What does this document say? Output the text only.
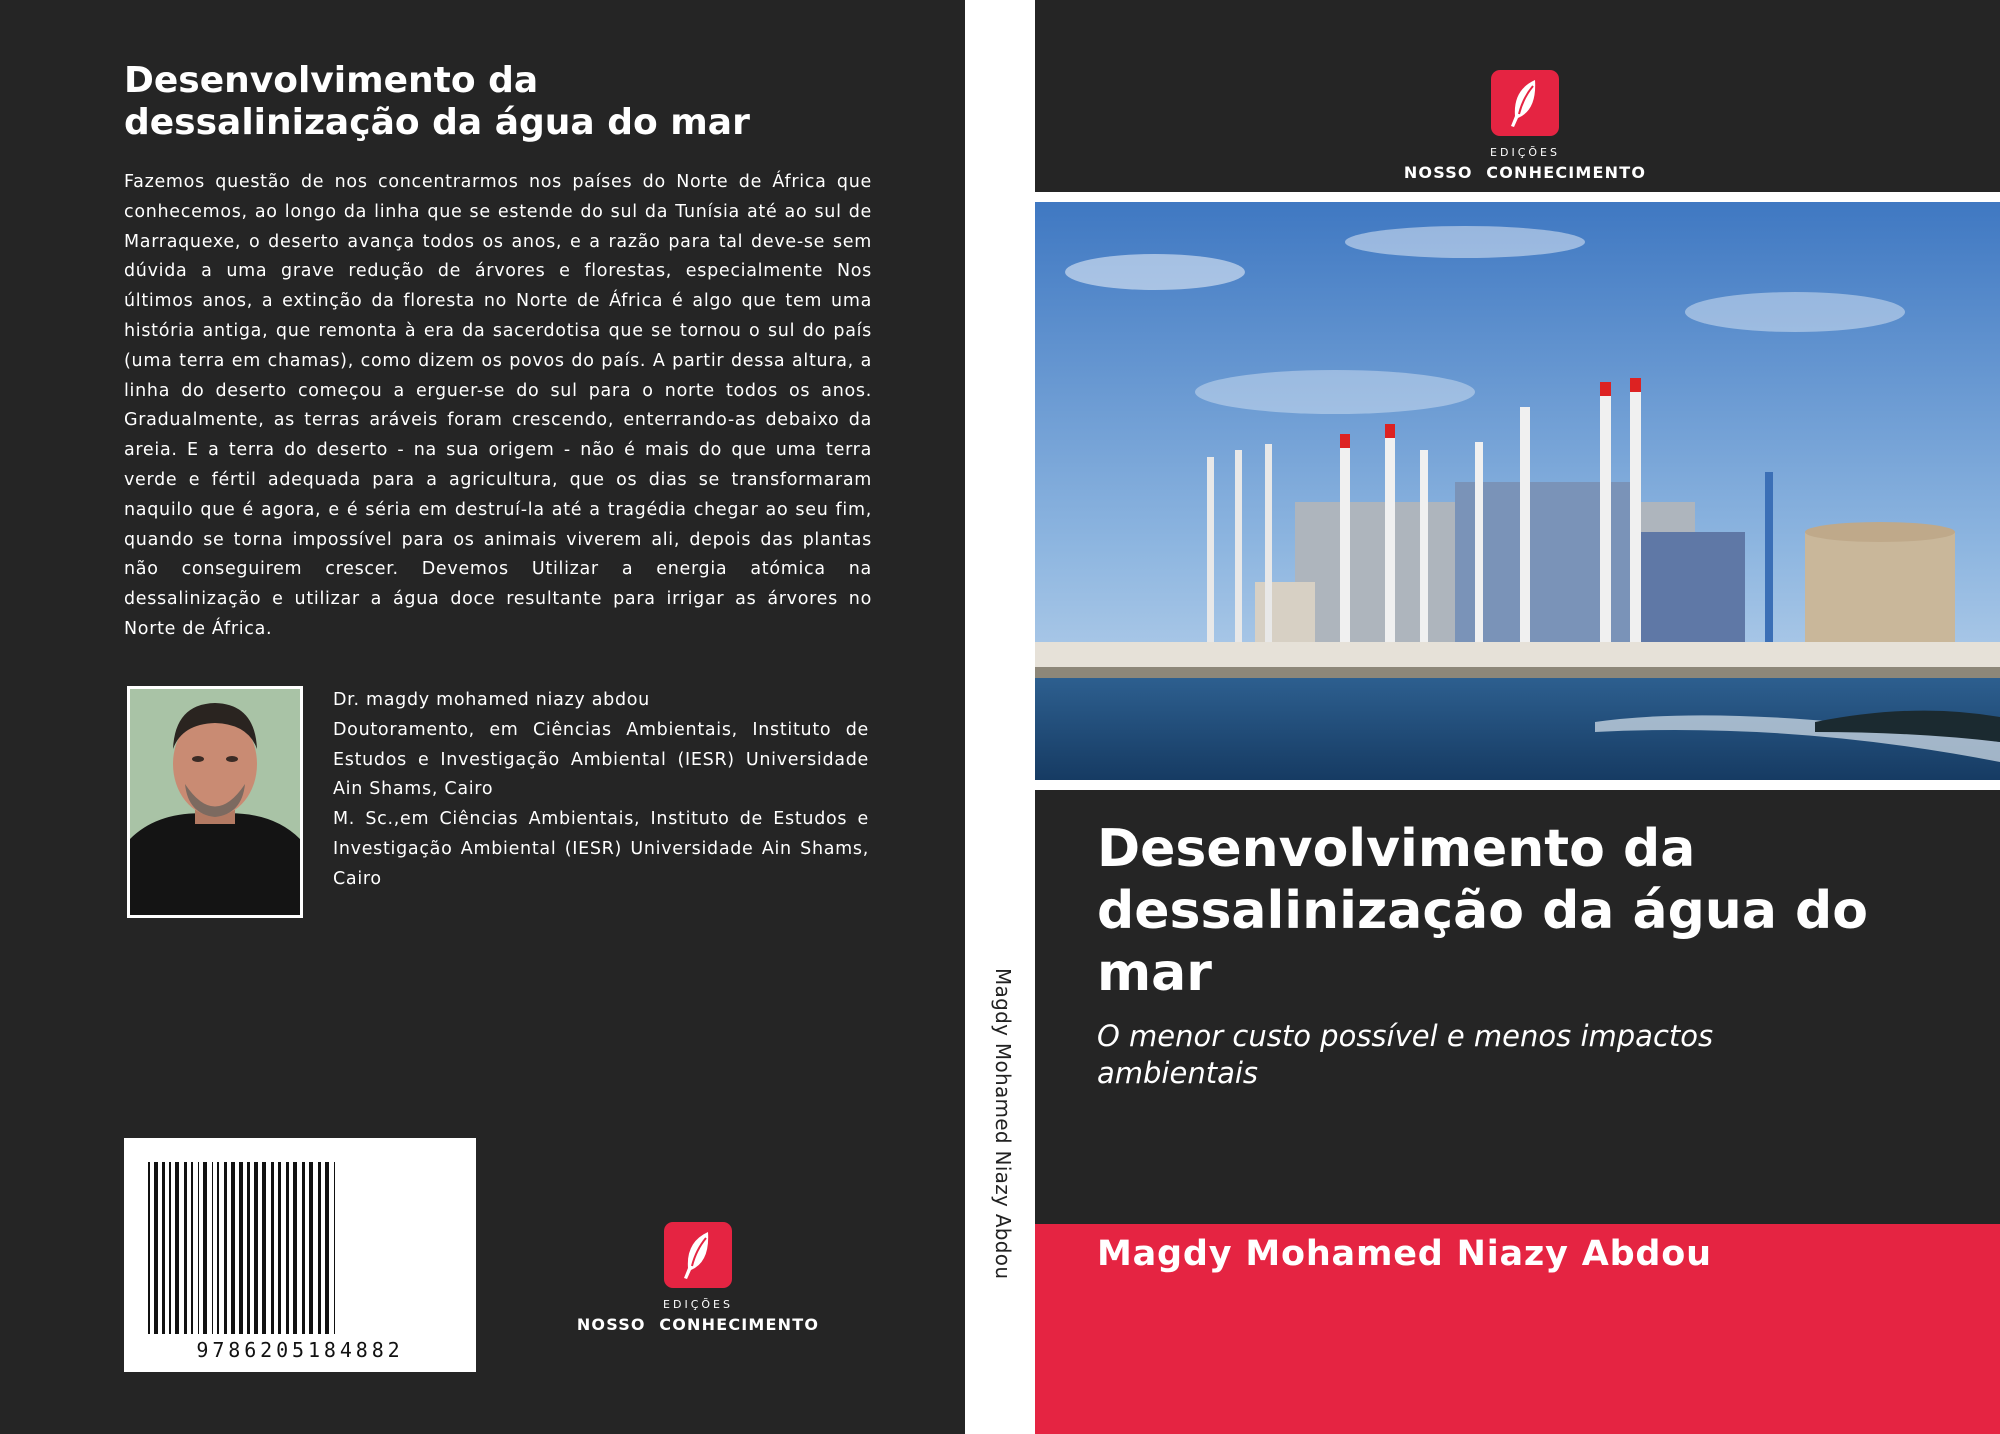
Desenvolvimento da
dessalinização da água do mar

Fazemos questão de nos concentrarmos nos países do Norte de África que conhecemos, ao longo da linha que se estende do sul da Tunísia até ao sul de Marraquexe, o deserto avança todos os anos, e a razão para tal deve-se sem dúvida a uma grave redução de árvores e florestas, especialmente Nos últimos anos, a extinção da floresta no Norte de África é algo que tem uma história antiga, que remonta à era da sacerdotisa que se tornou o sul do país (uma terra em chamas), como dizem os povos do país. A partir dessa altura, a linha do deserto começou a erguer-se do sul para o norte todos os anos. Gradualmente, as terras aráveis foram crescendo, enterrando-as debaixo da areia. E a terra do deserto - na sua origem - não é mais do que uma terra verde e fértil adequada para a agricultura, que os dias se transformaram naquilo que é agora, e é séria em destruí-la até a tragédia chegar ao seu fim, quando se torna impossível para os animais viverem ali, depois das plantas não conseguirem crescer. Devemos Utilizar a energia atómica na dessalinização e utilizar a água doce resultante para irrigar as árvores no Norte de África.

Dr. magdy mohamed niazy abdou

Doutoramento, em Ciências Ambientais, Instituto de Estudos e Investigação Ambiental (IESR) Universidade Ain Shams, Cairo

M. Sc.,em Ciências Ambientais, Instituto de Estudos e Investigação Ambiental (IESR) Universidade Ain Shams, Cairo

9786205184882
EDIÇÕES
NOSSO  CONHECIMENTO
Magdy Mohamed Niazy Abdou
EDIÇÕES
NOSSO  CONHECIMENTO
Desenvolvimento da dessalinização da água do mar

O menor custo possível e menos impactos ambientais

Magdy Mohamed Niazy Abdou
